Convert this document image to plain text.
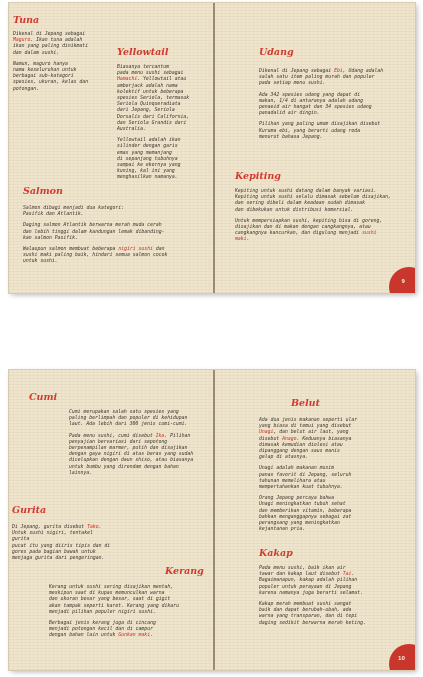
Tuna

Dikenal di Jepang sebagai
Maguro. Ikan tuna adalah
ikan yang paling dinikmati
dan dalam sushi.

Namun, maguro hanya
nama keseluruhan untuk
berbagai sub-kategori
spesies, ukuran, kelas dan
potongan.

Yellowtail

Biasanya tercantum
pada menu sushi sebagai
Hamachi. Yellowtail atau
amberjack adalah nama
kolektif untuk beberapa
spesies Seriola, termasuk
Seriola Quinqueradiata
dari Jepang, Seriola
Dorsalis dari California,
dan Seriola Grandis dari
Australia.

Yellowtail adalah ikan
silinder dengan garis
emas yang memanjang
di sepanjang tubuhnya
sampai ke ekornya yang
kuning, kal ini yang
menghasilkan namanya.

Salmon

Salmon dibagi menjadi dua kategori:
Pasifik dan Atlantik.

Daging salmon Atlantik berwarna merah muda cerah
dan lebih tinggi dalam kandungan lemak dibanding-
kan salmon Pasifik.

Walaupun salmon membuat beberapa nigiri sushi dan
sushi maki paling baik, hindari semua salmon cocok
untuk sushi.

Udang

Dikenal di Jepang sebagai Ebi, Udang adalah
salah satu item paling murah dan populer
pada setiap menu sushi.

Ada 342 spesies udang yang dapat di
makan, 1/4 di antaranya adalah udang
penaeid air hangat dan 34 spesies udang
panadalid air dingin.

Pilihan yang paling umum disajikan disebut
Kuruma ebi, yang berarti udang roda
menurut bahasa Jepang.

Kepiting

Kepiting untuk sushi datang dalam banyak variasi.
Kepiting untuk sushi selalu dimasak sebelum disajikan,
dan sering dibeli dalam keadaan sudah dimasak
dan dibekukan untuk distribusi komersial.

Untuk mempersiapkan sushi, kepiting bisa di goreng,
disajikan dan di makan dengan cangkangnya, atau
cangkangnya kancurkan, dan digulung menjadi sushi
maki.

9
Cumi

Cumi merupakan salah satu spesies yang
paling berlimpah dan populer di kehidupan
laut. Ada lebih dari 300 jenis cumi-cumi.

Pada menu sushi, cumi disebut Ika. Pilihan
penyajian bervariasi dari sepotong
berpenampilan marmer, putih dan disajikan
dengan gaya nigiri di atas beras yang sudah
dicelupkan dengan daun shiso, atau biasanya
untuk bumbu yang direndam dengan bahan
lainnya.

Gurita

Di Jepang, gurita disebut Tako.
Untuk sushi nigiri, tentakel gurita
pucat itu yang diiris tipis dan di
gores pada bagian bawah untuk
menjaga gurita dari pengeringan.

Kerang

Kerang untuk sushi sering disajikan mentah,
meskipun saat di kupas memunculkan warna
dan ukuran besar yang besar, saat di gigit
akan tampak seperti karet. Kerang yang dikaru
menjadi pilihan populer nigiri sushi.

Berbagai jenis kerang juga di cincang
menjadi potongan kecil dan di campur
dengan bahan lain untuk Gunkan maki.

Belut

Ada dua jenis makanan seperti ular
yang biasa di temui yang disebut
Unagi, dan belut air laut, yang
disebut Anago. Keduanya biasanya
dimasak kemudian diolesi atau
dipanggang dengan saus manis
gelap di atasnya.

Unagi adalah makanan musim
panas favorit di Jepang, seluruh
tahunan memelihara atau
mempertahankan kuat tubuhnya.

Orang Jepang percaya bahwa
Unagi meningkatkan tubuh sehat
dan memberikan vitamin, beberapa
bahkan menganggapnya sebagai zat
perangsang yang meningkatkan
kejantanan pria.

Kakap

Pada menu sushi, baik ikan air
tawar dan kakap laut disebut Tai.
Bagaimanapun, kakap adalah pilihan
populer untuk perayaan di Jepang
karena namanya juga berarti selamat.

Kakap merah membuat sushi sangat
baik dan dapat berubah-ubah, ada
warna yang transparan, dan di tepi
daging sedikit berwarna merah keting.

10
